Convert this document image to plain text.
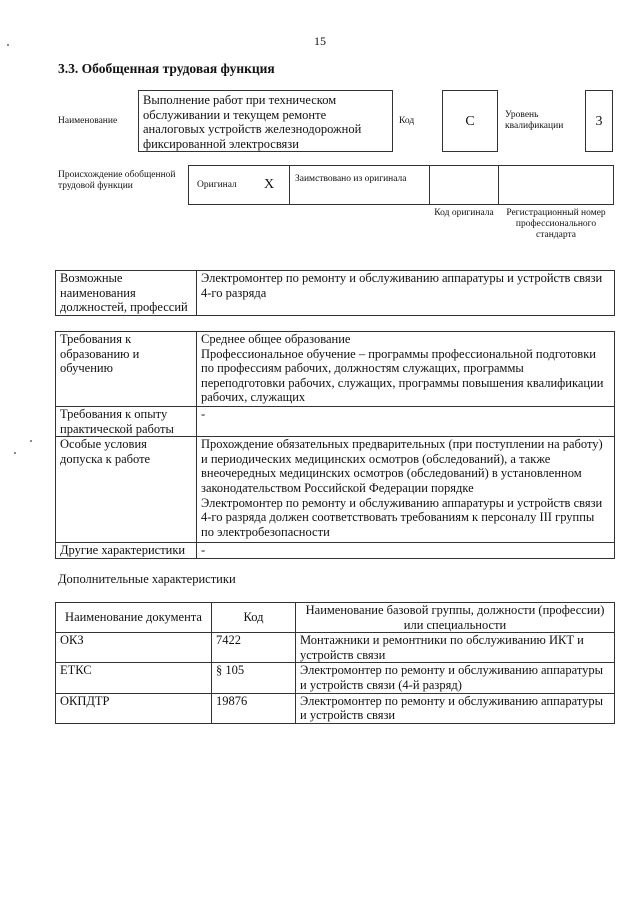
15
3.3. Обобщенная трудовая функция
Наименование
Выполнение работ при техническом обслуживании и текущем ремонте аналоговых устройств железнодорожной фиксированной электросвязи
Код	C	Уровень квалификации	3
Происхождение обобщенной трудовой функции	Оригинал X	Заимствовано из оригинала
Код оригинала	Регистрационный номер профессионального стандарта
Возможные наименования должностей, профессий	Электромонтер по ремонту и обслуживанию аппаратуры и устройств связи 4-го разряда
Требования к образованию и обучению	Среднее общее образование
Профессиональное обучение – программы профессиональной подготовки по профессиям рабочих, должностям служащих, программы переподготовки рабочих, служащих, программы повышения квалификации рабочих, служащих
Требования к опыту практической работы	-
Особые условия допуска к работе	Прохождение обязательных предварительных (при поступлении на работу) и периодических медицинских осмотров (обследований), а также внеочередных медицинских осмотров (обследований) в установленном законодательством Российской Федерации порядке
Электромонтер по ремонту и обслуживанию аппаратуры и устройств связи 4-го разряда должен соответствовать требованиям к персоналу III группы по электробезопасности
Другие характеристики	-
Дополнительные характеристики
Наименование документа	Код	Наименование базовой группы, должности (профессии) или специальности
ОКЗ	7422	Монтажники и ремонтники по обслуживанию ИКТ и устройств связи
ЕТКС	§ 105	Электромонтер по ремонту и обслуживанию аппаратуры и устройств связи (4-й разряд)
ОКПДТР	19876	Электромонтер по ремонту и обслуживанию аппаратуры и устройств связи
